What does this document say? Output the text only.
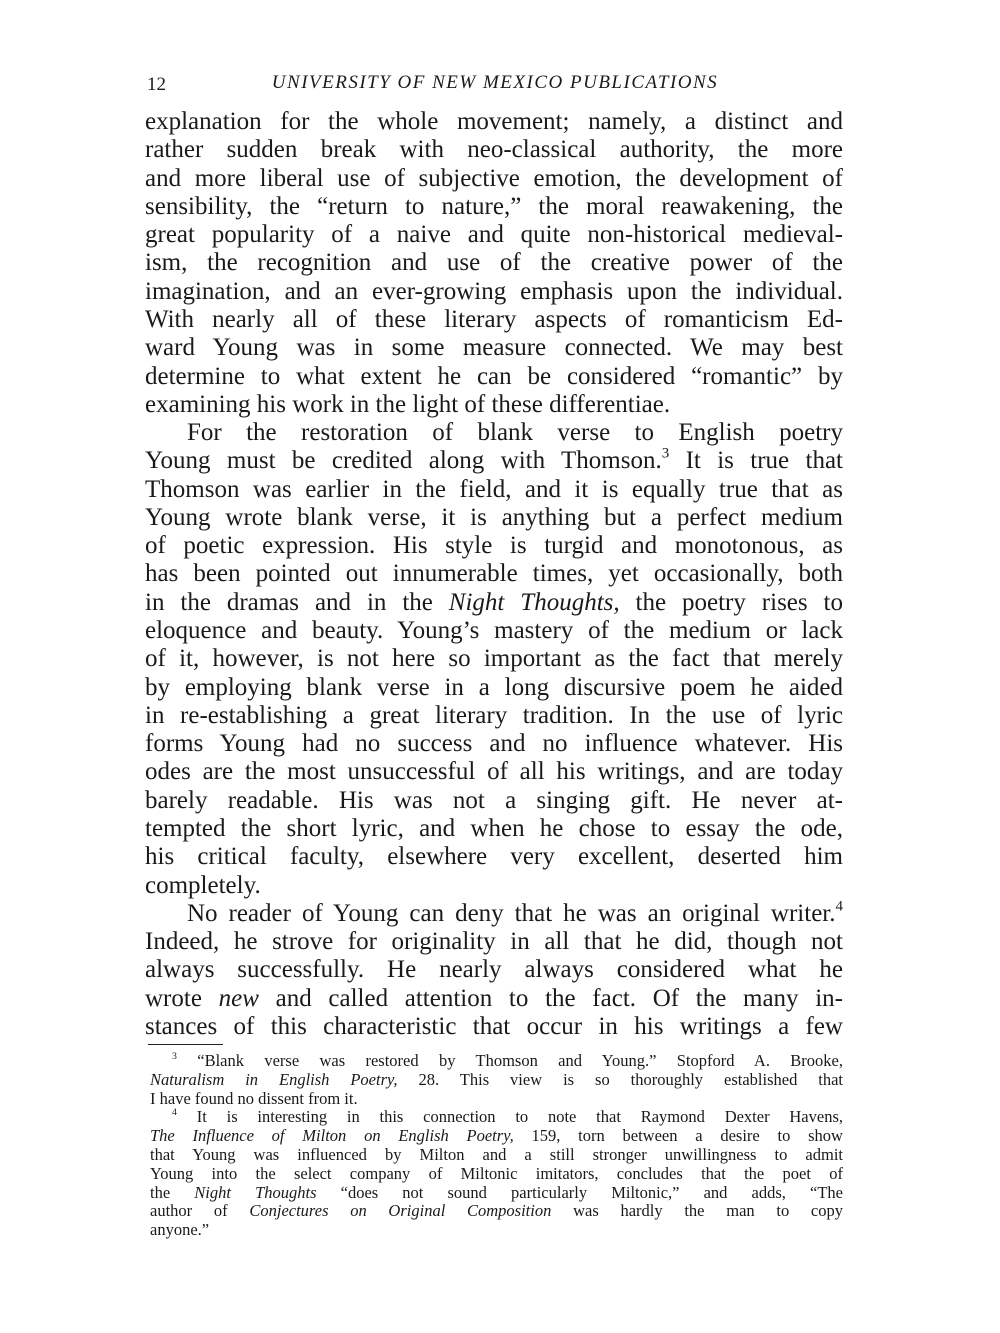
12	UNIVERSITY OF NEW MEXICO PUBLICATIONS
explanation for the whole movement; namely, a distinct and
rather sudden break with neo-classical authority, the more
and more liberal use of subjective emotion, the development of
sensibility, the “return to nature,” the moral reawakening, the
great popularity of a naive and quite non-historical medieval-
ism, the recognition and use of the creative power of the
imagination, and an ever-growing emphasis upon the individual.
With nearly all of these literary aspects of romanticism Ed-
ward Young was in some measure connected. We may best
determine to what extent he can be considered “romantic” by
examining his work in the light of these differentiae.
For the restoration of blank verse to English poetry
Young must be credited along with Thomson.$^3$ It is true that
Thomson was earlier in the field, and it is equally true that as
Young wrote blank verse, it is anything but a perfect medium
of poetic expression. His style is turgid and monotonous, as
has been pointed out innumerable times, yet occasionally, both
in the dramas and in the Night Thoughts, the poetry rises to
eloquence and beauty. Young’s mastery of the medium or lack
of it, however, is not here so important as the fact that merely
by employing blank verse in a long discursive poem he aided
in re-establishing a great literary tradition. In the use of lyric
forms Young had no success and no influence whatever. His
odes are the most unsuccessful of all his writings, and are today
barely readable. His was not a singing gift. He never at-
tempted the short lyric, and when he chose to essay the ode,
his critical faculty, elsewhere very excellent, deserted him
completely.
No reader of Young can deny that he was an original writer.$^4$
Indeed, he strove for originality in all that he did, though not
always successfully. He nearly always considered what he
wrote new and called attention to the fact. Of the many in-
stances of this characteristic that occur in his writings a few
$^3$ “Blank verse was restored by Thomson and Young.” Stopford A. Brooke,
Naturalism in English Poetry, 28. This view is so thoroughly established that
I have found no dissent from it.
$^4$ It is interesting in this connection to note that Raymond Dexter Havens,
The Influence of Milton on English Poetry, 159, torn between a desire to show
that Young was influenced by Milton and a still stronger unwillingness to admit
Young into the select company of Miltonic imitators, concludes that the poet of
the Night Thoughts “does not sound particularly Miltonic,” and adds, “The
author of Conjectures on Original Composition was hardly the man to copy
anyone.”
